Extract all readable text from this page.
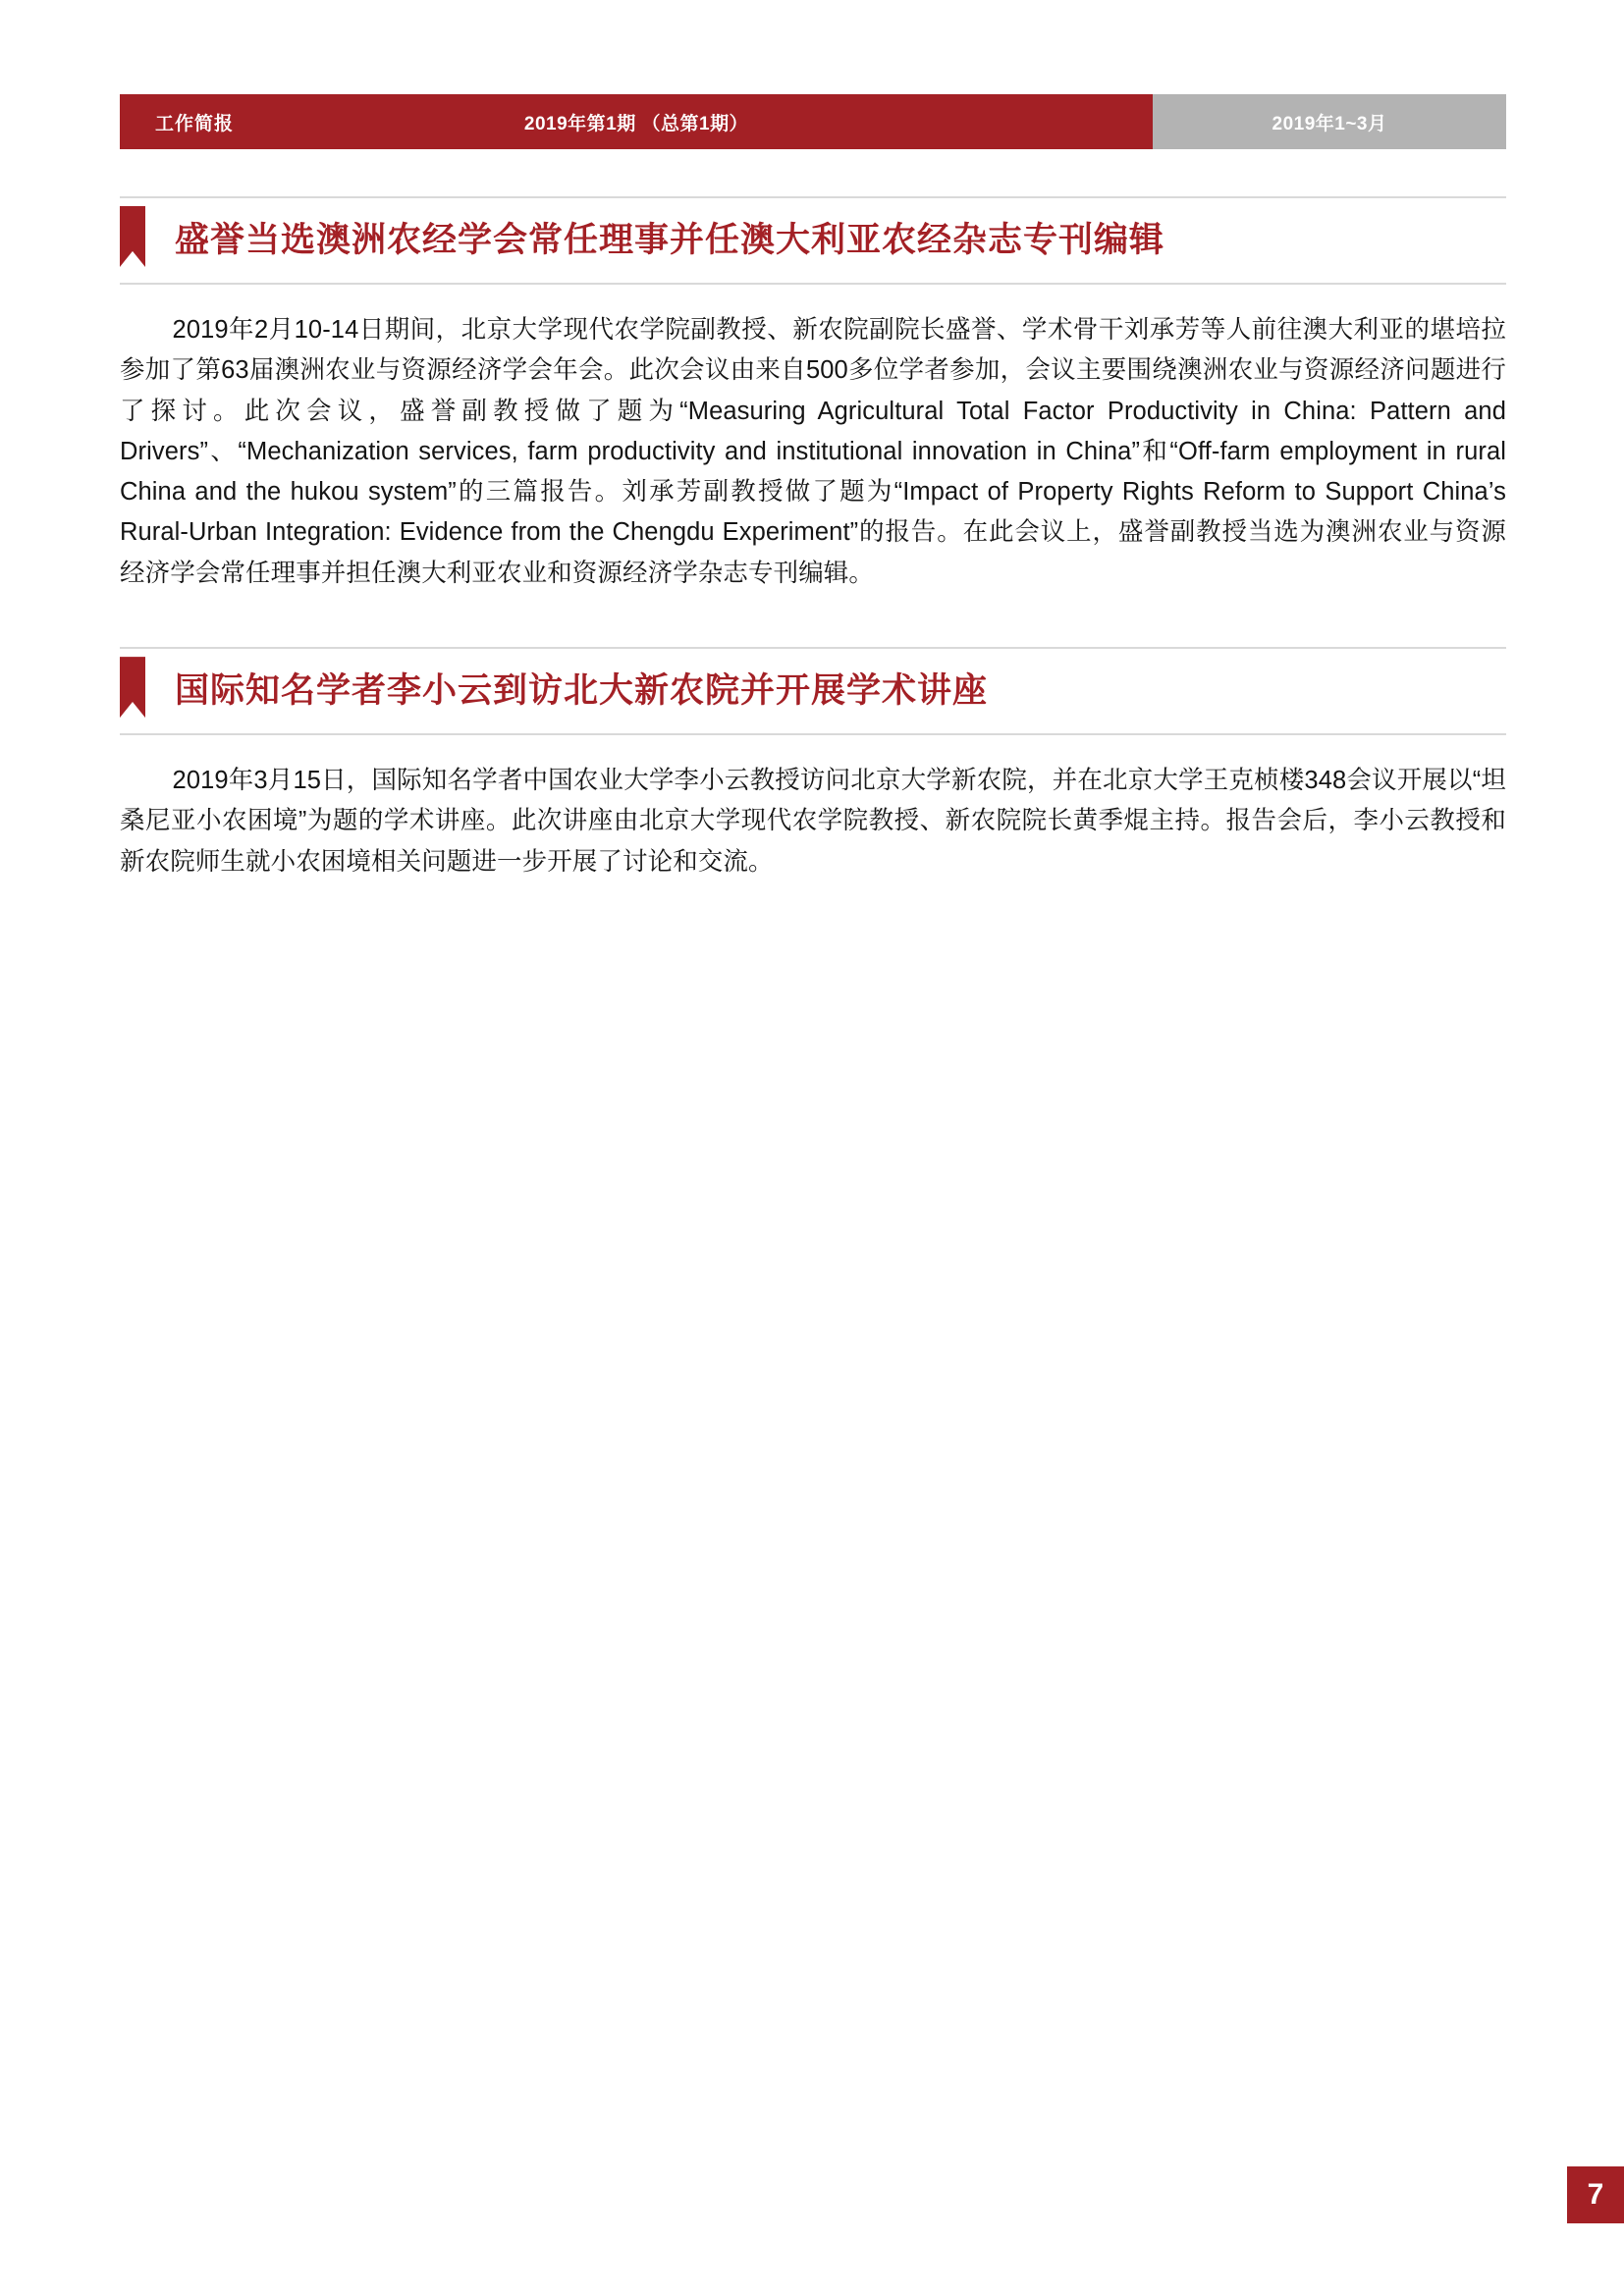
工作简报	2019年第1期 （总第1期）	2019年1~3月
盛誉当选澳洲农经学会常任理事并任澳大利亚农经杂志专刊编辑

2019年2月10-14日期间，北京大学现代农学院副教授、新农院副院长盛誉、学术骨干刘承芳等人前往澳大利亚的堪培拉参加了第63届澳洲农业与资源经济学会年会。此次会议由来自500多位学者参加，会议主要围绕澳洲农业与资源经济问题进行了探讨。此次会议，盛誉副教授做了题为“Measuring Agricultural Total Factor Productivity in China: Pattern and Drivers”、“Mechanization services, farm productivity and institutional innovation in China”和“Off-farm employment in rural China and the hukou system”的三篇报告。刘承芳副教授做了题为“Impact of Property Rights Reform to Support China’s Rural-Urban Integration: Evidence from the Chengdu Experiment”的报告。在此会议上，盛誉副教授当选为澳洲农业与资源经济学会常任理事并担任澳大利亚农业和资源经济学杂志专刊编辑。

国际知名学者李小云到访北大新农院并开展学术讲座

2019年3月15日，国际知名学者中国农业大学李小云教授访问北京大学新农院，并在北京大学王克桢楼348会议开展以“坦桑尼亚小农困境”为题的学术讲座。此次讲座由北京大学现代农学院教授、新农院院长黄季焜主持。报告会后，李小云教授和新农院师生就小农困境相关问题进一步开展了讨论和交流。

7
